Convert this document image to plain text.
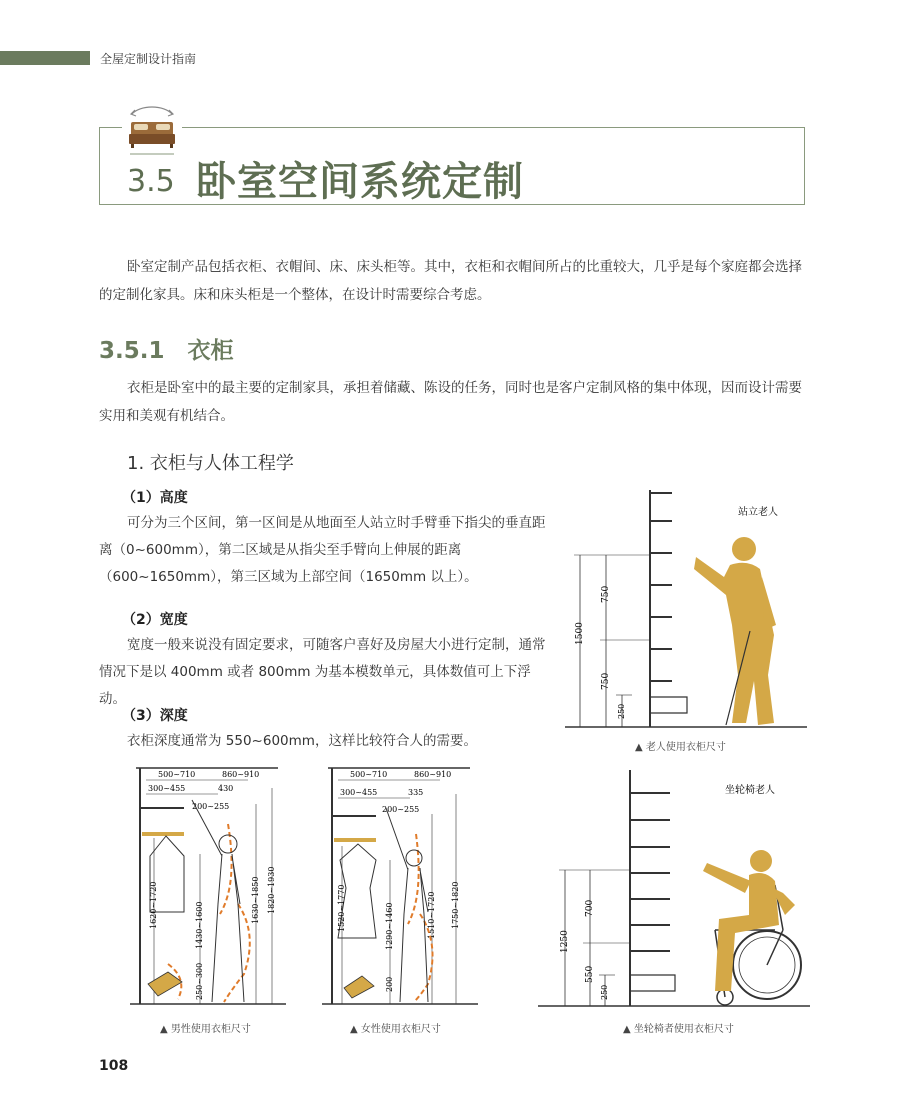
全屋定制设计指南
3.5 卧室空间系统定制
卧室定制产品包括衣柜、衣帽间、床、床头柜等。其中，衣柜和衣帽间所占的比重较大，几乎是每个家庭都会选择的定制化家具。床和床头柜是一个整体，在设计时需要综合考虑。
3.5.1　衣柜
衣柜是卧室中的最主要的定制家具，承担着储藏、陈设的任务，同时也是客户定制风格的集中体现，因而设计需要实用和美观有机结合。
1. 衣柜与人体工程学
（1）高度
可分为三个区间，第一区间是从地面至人站立时手臂垂下指尖的垂直距离（0~600mm），第二区域是从指尖至手臂向上伸展的距离（600~1650mm），第三区域为上部空间（1650mm 以上）。
（2）宽度
宽度一般来说没有固定要求，可随客户喜好及房屋大小进行定制，通常情况下是以 400mm 或者 800mm 为基本模数单元，具体数值可上下浮动。
（3）深度
衣柜深度通常为 550~600mm，这样比较符合人的需要。
1500
750
750
250
站立老人
▲ 老人使用衣柜尺寸
1250
700
550
250
坐轮椅老人
▲ 坐轮椅者使用衣柜尺寸
500~710	860~910
300~455	430
200~255
1620~1720	1430~1600
1630~1850 1820~1930
250~300
▲ 男性使用衣柜尺寸
500~710	860~910
300~455	335
200~255
1520~1770	1290~1460	1510~1720 1750~1820
200
▲ 女性使用衣柜尺寸
108
